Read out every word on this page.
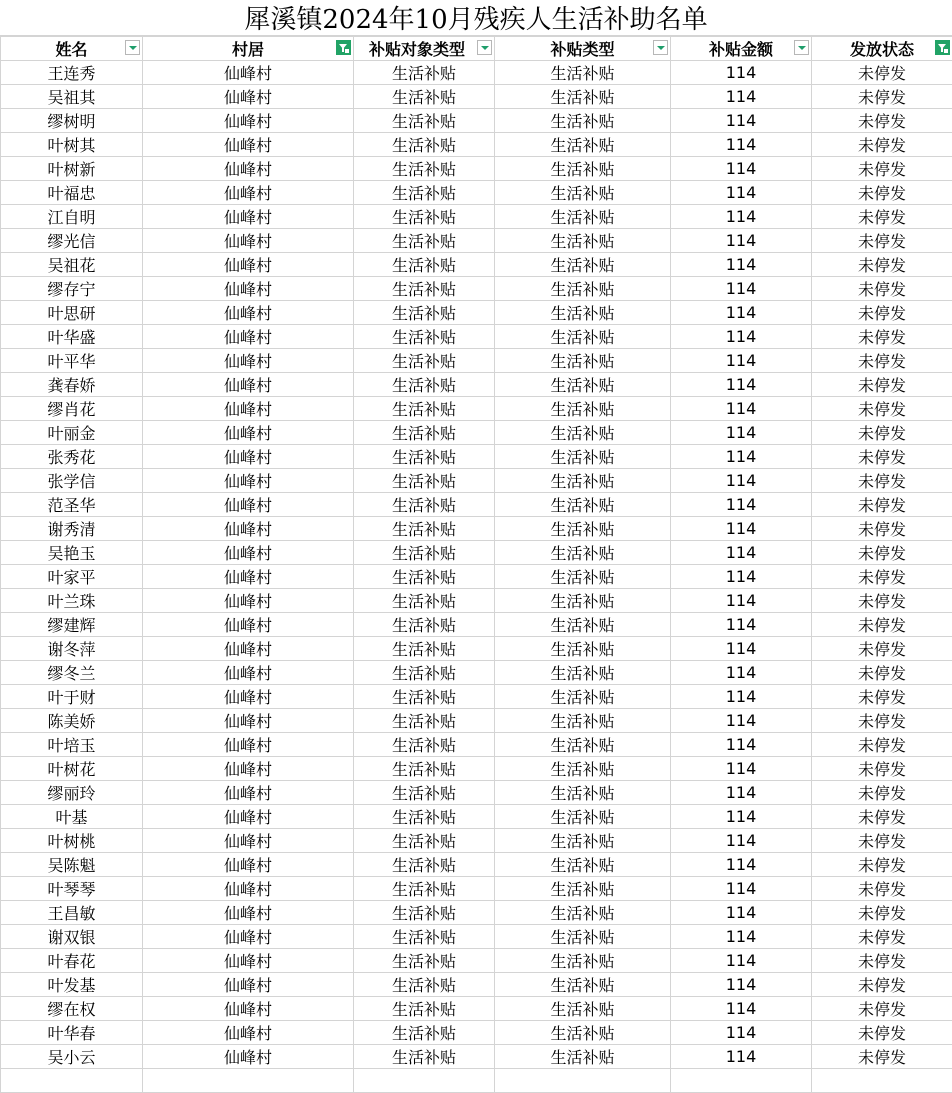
犀溪镇2024年10月残疾人生活补助名单
姓名	村居	补贴对象类型	补贴类型	补贴金额	发放状态

王连秀	仙峰村	生活补贴	生活补贴	114	未停发
吴祖其	仙峰村	生活补贴	生活补贴	114	未停发
缪树明	仙峰村	生活补贴	生活补贴	114	未停发
叶树其	仙峰村	生活补贴	生活补贴	114	未停发
叶树新	仙峰村	生活补贴	生活补贴	114	未停发
叶福忠	仙峰村	生活补贴	生活补贴	114	未停发
江自明	仙峰村	生活补贴	生活补贴	114	未停发
缪光信	仙峰村	生活补贴	生活补贴	114	未停发
吴祖花	仙峰村	生活补贴	生活补贴	114	未停发
缪存宁	仙峰村	生活补贴	生活补贴	114	未停发
叶思研	仙峰村	生活补贴	生活补贴	114	未停发
叶华盛	仙峰村	生活补贴	生活补贴	114	未停发
叶平华	仙峰村	生活补贴	生活补贴	114	未停发
龚春娇	仙峰村	生活补贴	生活补贴	114	未停发
缪肖花	仙峰村	生活补贴	生活补贴	114	未停发
叶丽金	仙峰村	生活补贴	生活补贴	114	未停发
张秀花	仙峰村	生活补贴	生活补贴	114	未停发
张学信	仙峰村	生活补贴	生活补贴	114	未停发
范圣华	仙峰村	生活补贴	生活补贴	114	未停发
谢秀清	仙峰村	生活补贴	生活补贴	114	未停发
吴艳玉	仙峰村	生活补贴	生活补贴	114	未停发
叶家平	仙峰村	生活补贴	生活补贴	114	未停发
叶兰珠	仙峰村	生活补贴	生活补贴	114	未停发
缪建辉	仙峰村	生活补贴	生活补贴	114	未停发
谢冬萍	仙峰村	生活补贴	生活补贴	114	未停发
缪冬兰	仙峰村	生活补贴	生活补贴	114	未停发
叶于财	仙峰村	生活补贴	生活补贴	114	未停发
陈美娇	仙峰村	生活补贴	生活补贴	114	未停发
叶培玉	仙峰村	生活补贴	生活补贴	114	未停发
叶树花	仙峰村	生活补贴	生活补贴	114	未停发
缪丽玲	仙峰村	生活补贴	生活补贴	114	未停发
叶基	仙峰村	生活补贴	生活补贴	114	未停发
叶树桃	仙峰村	生活补贴	生活补贴	114	未停发
吴陈魁	仙峰村	生活补贴	生活补贴	114	未停发
叶琴琴	仙峰村	生活补贴	生活补贴	114	未停发
王昌敏	仙峰村	生活补贴	生活补贴	114	未停发
谢双银	仙峰村	生活补贴	生活补贴	114	未停发
叶春花	仙峰村	生活补贴	生活补贴	114	未停发
叶发基	仙峰村	生活补贴	生活补贴	114	未停发
缪在权	仙峰村	生活补贴	生活补贴	114	未停发
叶华春	仙峰村	生活补贴	生活补贴	114	未停发
吴小云	仙峰村	生活补贴	生活补贴	114	未停发
